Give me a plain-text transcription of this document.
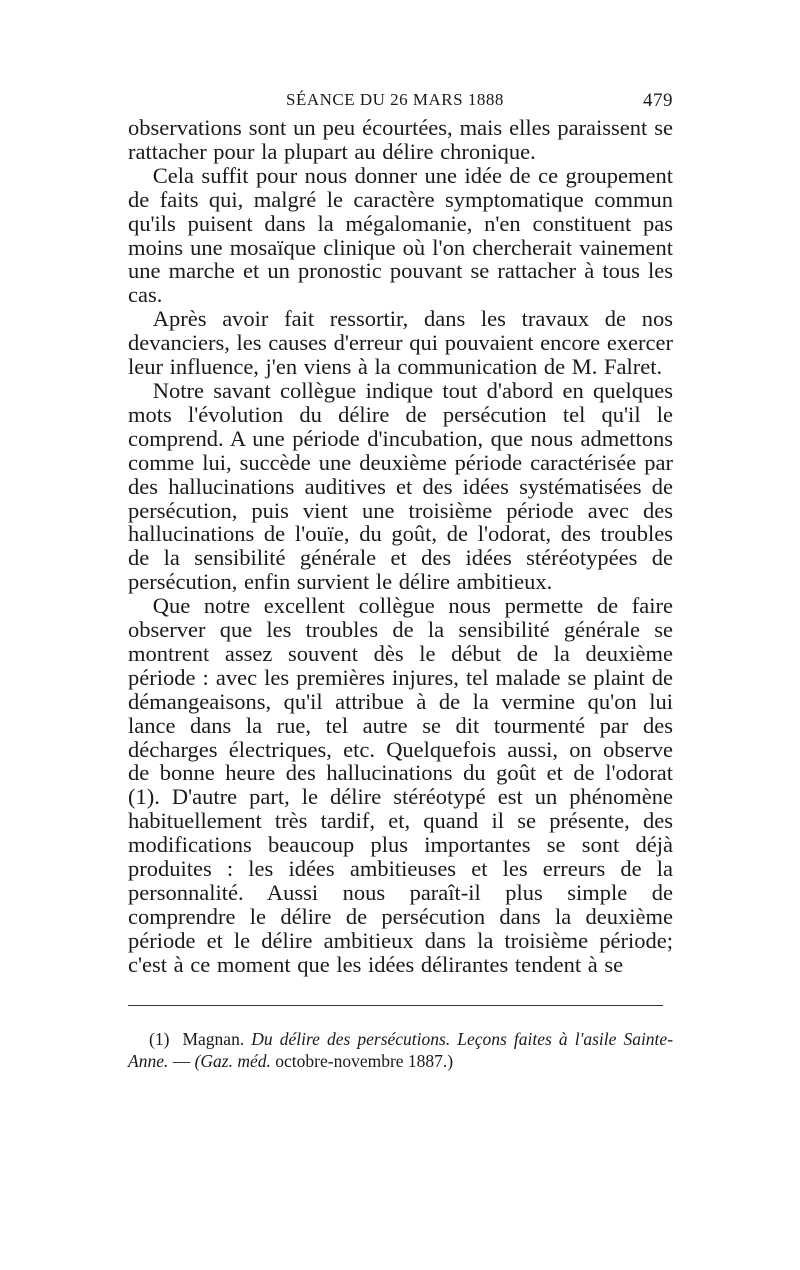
SÉANCE DU 26 MARS 1888	479

observations sont un peu écourtées, mais elles paraissent se rattacher pour la plupart au délire chronique.

Cela suffit pour nous donner une idée de ce groupement de faits qui, malgré le caractère symptomatique commun qu'ils puisent dans la mégalomanie, n'en constituent pas moins une mosaïque clinique où l'on chercherait vainement une marche et un pronostic pouvant se rattacher à tous les cas.

Après avoir fait ressortir, dans les travaux de nos devanciers, les causes d'erreur qui pouvaient encore exercer leur influence, j'en viens à la communication de M. Falret.

Notre savant collègue indique tout d'abord en quelques mots l'évolution du délire de persécution tel qu'il le comprend. A une période d'incubation, que nous admettons comme lui, succède une deuxième période caractérisée par des hallucinations auditives et des idées systématisées de persécution, puis vient une troisième période avec des hallucinations de l'ouïe, du goût, de l'odorat, des troubles de la sensibilité générale et des idées stéréotypées de persécution, enfin survient le délire ambitieux.

Que notre excellent collègue nous permette de faire observer que les troubles de la sensibilité générale se montrent assez souvent dès le début de la deuxième période : avec les premières injures, tel malade se plaint de démangeaisons, qu'il attribue à de la vermine qu'on lui lance dans la rue, tel autre se dit tourmenté par des décharges électriques, etc. Quelquefois aussi, on observe de bonne heure des hallucinations du goût et de l'odorat (1). D'autre part, le délire stéréotypé est un phénomène habituellement très tardif, et, quand il se présente, des modifications beaucoup plus importantes se sont déjà produites : les idées ambitieuses et les erreurs de la personnalité. Aussi nous paraît-il plus simple de comprendre le délire de persécution dans la deuxième période et le délire ambitieux dans la troisième période; c'est à ce moment que les idées délirantes tendent à se

(1) Magnan. Du délire des persécutions. Leçons faites à l'asile Sainte-Anne. — (Gaz. méd. octobre-novembre 1887.)
